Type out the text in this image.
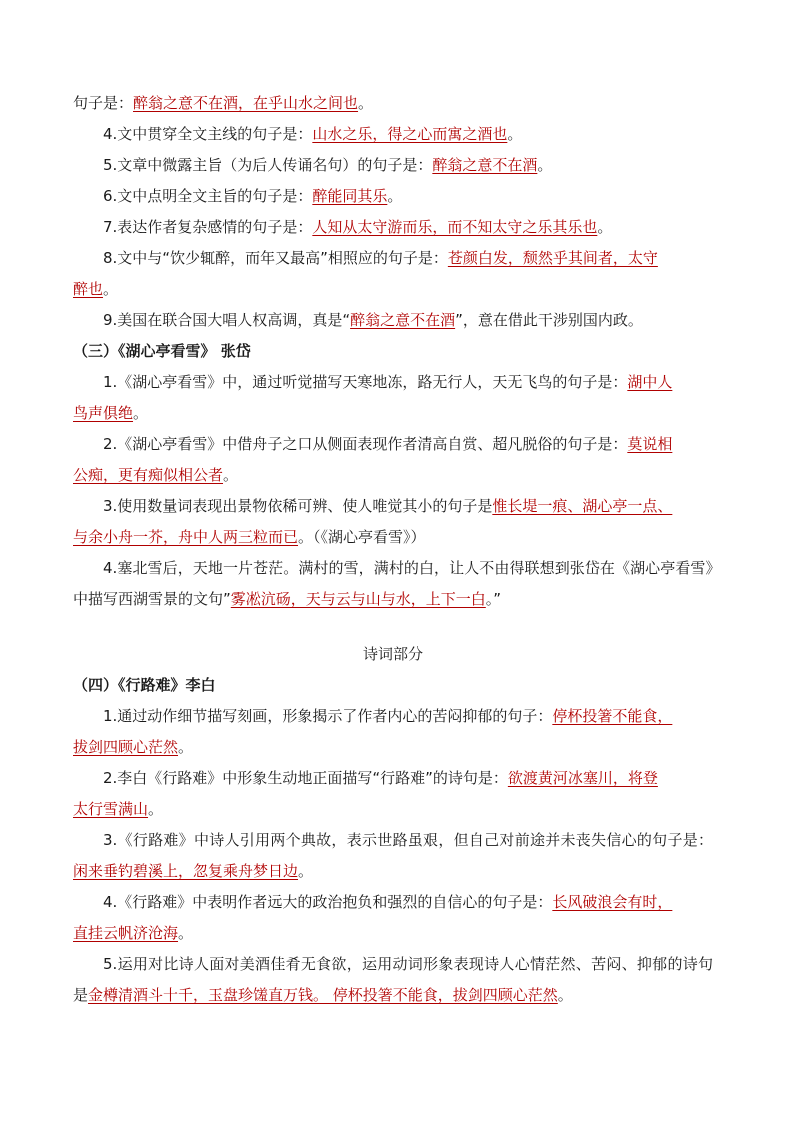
句子是：醉翁之意不在酒，在乎山水之间也。
4.文中贯穿全文主线的句子是：山水之乐，得之心而寓之酒也。
5.文章中微露主旨（为后人传诵名句）的句子是：醉翁之意不在酒。
6.文中点明全文主旨的句子是：醉能同其乐。
7.表达作者复杂感情的句子是：人知从太守游而乐，而不知太守之乐其乐也。
8.文中与“饮少辄醉，而年又最高”相照应的句子是：苍颜白发，颓然乎其间者，太守
醉也。
9.美国在联合国大唱人权高调，真是“醉翁之意不在酒”，意在借此干涉别国内政。
（三）《湖心亭看雪》 张岱
1.《湖心亭看雪》中，通过听觉描写天寒地冻，路无行人，天无飞鸟的句子是：湖中人
鸟声俱绝。
2.《湖心亭看雪》中借舟子之口从侧面表现作者清高自赏、超凡脱俗的句子是：莫说相
公痴，更有痴似相公者。
3.使用数量词表现出景物依稀可辨、使人唯觉其小的句子是惟长堤一痕、湖心亭一点、
与余小舟一芥，舟中人两三粒而已。（《湖心亭看雪》）
4.塞北雪后，天地一片苍茫。满村的雪，满村的白，让人不由得联想到张岱在《湖心亭看雪》中描写西湖雪景的文句”雾凇沆砀，天与云与山与水，上下一白。”
诗词部分
（四）《行路难》李白
1.通过动作细节描写刻画，形象揭示了作者内心的苦闷抑郁的句子：停杯投箸不能食，
拔剑四顾心茫然。
2.李白《行路难》中形象生动地正面描写“行路难”的诗句是：欲渡黄河冰塞川，将登
太行雪满山。
3.《行路难》中诗人引用两个典故，表示世路虽艰，但自己对前途并未丧失信心的句子是：闲来垂钓碧溪上，忽复乘舟梦日边。
4.《行路难》中表明作者远大的政治抱负和强烈的自信心的句子是：长风破浪会有时，
直挂云帆济沧海。
5.运用对比诗人面对美酒佳肴无食欲，运用动词形象表现诗人心情茫然、苦闷、抑郁的诗句是金樽清酒斗十千，玉盘珍馐直万钱。 停杯投箸不能食，拔剑四顾心茫然。
